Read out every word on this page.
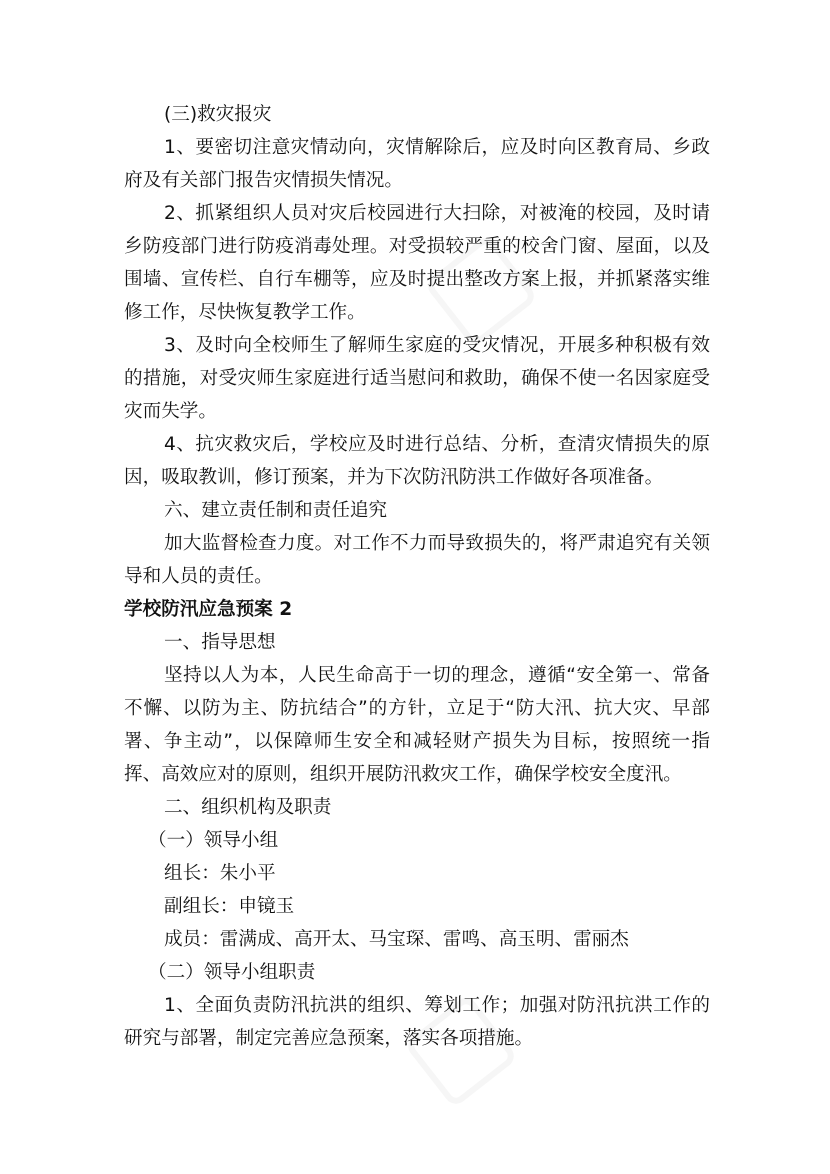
(三)救灾报灾

1、要密切注意灾情动向，灾情解除后，应及时向区教育局、乡政府及有关部门报告灾情损失情况。

2、抓紧组织人员对灾后校园进行大扫除，对被淹的校园，及时请乡防疫部门进行防疫消毒处理。对受损较严重的校舍门窗、屋面，以及围墙、宣传栏、自行车棚等，应及时提出整改方案上报，并抓紧落实维修工作，尽快恢复教学工作。

3、及时向全校师生了解师生家庭的受灾情况，开展多种积极有效的措施，对受灾师生家庭进行适当慰问和救助，确保不使一名因家庭受灾而失学。

4、抗灾救灾后，学校应及时进行总结、分析，查清灾情损失的原因，吸取教训，修订预案，并为下次防汛防洪工作做好各项准备。

六、建立责任制和责任追究

加大监督检查力度。对工作不力而导致损失的，将严肃追究有关领导和人员的责任。

学校防汛应急预案 2

一、指导思想

坚持以人为本，人民生命高于一切的理念，遵循“安全第一、常备不懈、以防为主、防抗结合”的方针，立足于“防大汛、抗大灾、早部署、争主动”，以保障师生安全和减轻财产损失为目标，按照统一指挥、高效应对的原则，组织开展防汛救灾工作，确保学校安全度汛。

二、组织机构及职责

（一）领导小组

组长：朱小平

副组长：申镜玉

成员：雷满成、高开太、马宝琛、雷鸣、高玉明、雷丽杰

（二）领导小组职责

1、全面负责防汛抗洪的组织、筹划工作；加强对防汛抗洪工作的研究与部署，制定完善应急预案，落实各项措施。
